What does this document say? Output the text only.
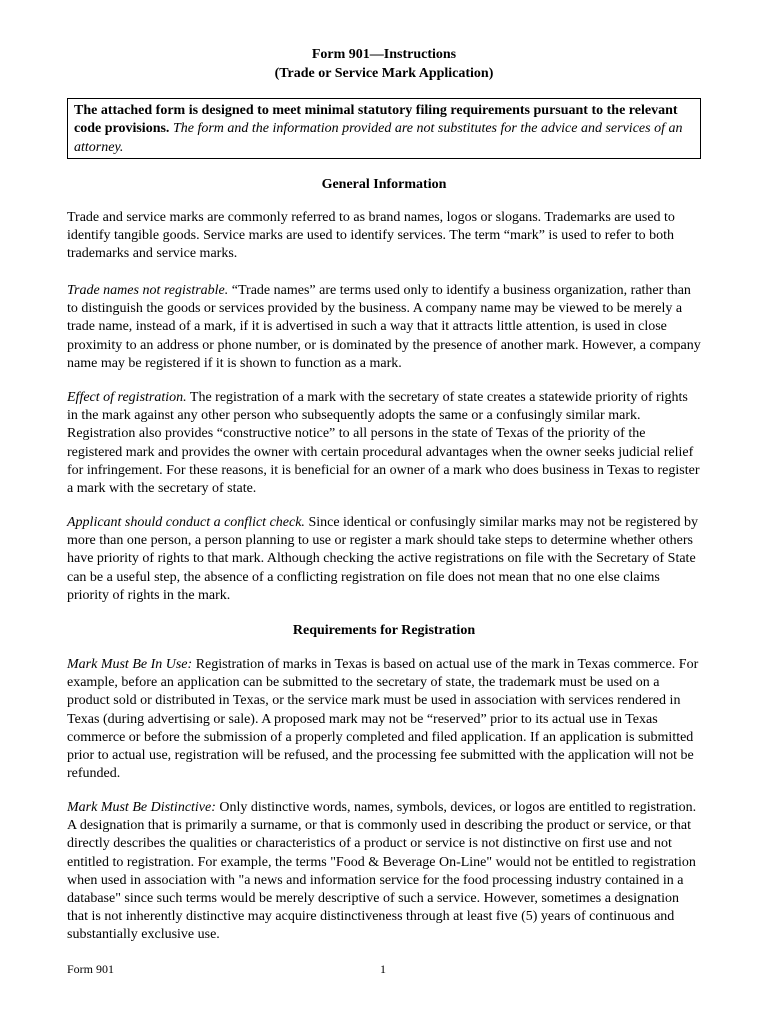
Form 901—Instructions
(Trade or Service Mark Application)
The attached form is designed to meet minimal statutory filing requirements pursuant to the relevant code provisions. The form and the information provided are not substitutes for the advice and services of an attorney.
General Information

Trade and service marks are commonly referred to as brand names, logos or slogans. Trademarks are used to identify tangible goods. Service marks are used to identify services. The term “mark” is used to refer to both trademarks and service marks.

Trade names not registrable. “Trade names” are terms used only to identify a business organization, rather than to distinguish the goods or services provided by the business. A company name may be viewed to be merely a trade name, instead of a mark, if it is advertised in such a way that it attracts little attention, is used in close proximity to an address or phone number, or is dominated by the presence of another mark. However, a company name may be registered if it is shown to function as a mark.

Effect of registration. The registration of a mark with the secretary of state creates a statewide priority of rights in the mark against any other person who subsequently adopts the same or a confusingly similar mark. Registration also provides “constructive notice” to all persons in the state of Texas of the priority of the registered mark and provides the owner with certain procedural advantages when the owner seeks judicial relief for infringement. For these reasons, it is beneficial for an owner of a mark who does business in Texas to register a mark with the secretary of state.

Applicant should conduct a conflict check. Since identical or confusingly similar marks may not be registered by more than one person, a person planning to use or register a mark should take steps to determine whether others have priority of rights to that mark. Although checking the active registrations on file with the Secretary of State can be a useful step, the absence of a conflicting registration on file does not mean that no one else claims priority of rights in the mark.

Requirements for Registration

Mark Must Be In Use: Registration of marks in Texas is based on actual use of the mark in Texas commerce. For example, before an application can be submitted to the secretary of state, the trademark must be used on a product sold or distributed in Texas, or the service mark must be used in association with services rendered in Texas (during advertising or sale). A proposed mark may not be “reserved” prior to its actual use in Texas commerce or before the submission of a properly completed and filed application. If an application is submitted prior to actual use, registration will be refused, and the processing fee submitted with the application will not be refunded.

Mark Must Be Distinctive: Only distinctive words, names, symbols, devices, or logos are entitled to registration. A designation that is primarily a surname, or that is commonly used in describing the product or service, or that directly describes the qualities or characteristics of a product or service is not distinctive on first use and not entitled to registration. For example, the terms "Food & Beverage On-Line" would not be entitled to registration when used in association with "a news and information service for the food processing industry contained in a database" since such terms would be merely descriptive of such a service. However, sometimes a designation that is not inherently distinctive may acquire distinctiveness through at least five (5) years of continuous and substantially exclusive use.

Form 901	1
